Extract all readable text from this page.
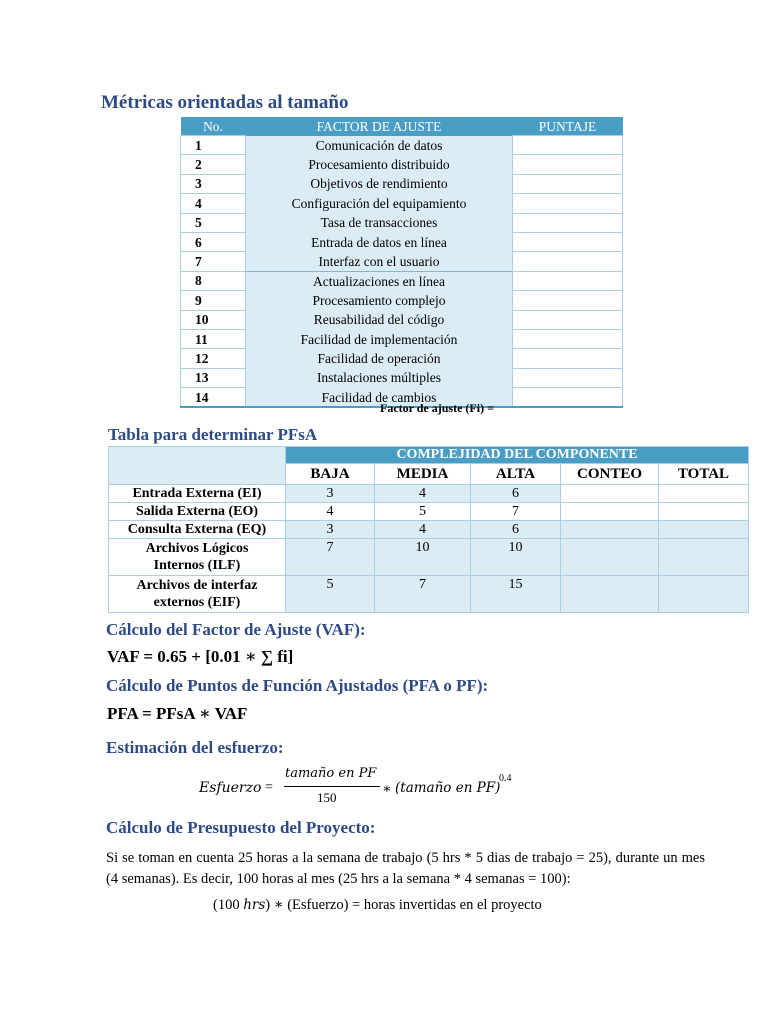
Métricas orientadas al tamaño
No.	FACTOR DE AJUSTE	PUNTAJE
1	Comunicación de datos	
2	Procesamiento distribuido	
3	Objetivos de rendimiento	
4	Configuración del equipamiento	
5	Tasa de transacciones	
6	Entrada de datos en línea	
7	Interfaz con el usuario	
8	Actualizaciones en línea	
9	Procesamiento complejo	
10	Reusabilidad del código	
11	Facilidad de implementación	
12	Facilidad de operación	
13	Instalaciones múltiples	
14	Facilidad de cambios	
Factor de ajuste (Fi) =
Tabla para determinar PFsA
	COMPLEJIDAD DEL COMPONENTE				
	BAJA	MEDIA	ALTA	CONTEO	TOTAL
Entrada Externa (EI)	3	4	6		
Salida Externa (EO)	4	5	7		
Consulta Externa (EQ)	3	4	6		

Archivos Lógicos
Internos (ILF)	7	10	10		

Archivos de interfaz
externos (EIF)	5	7	15		
Cálculo del Factor de Ajuste (VAF):
VAF = 0.65 + [0.01 ∗ ∑ fi]
Cálculo de Puntos de Función Ajustados (PFA o PF):
PFA = PFsA ∗ VAF
Estimación del esfuerzo:
Esfuerzo =
tamaño en PF
150
∗ (tamaño en PF)
0.4
Cálculo de Presupuesto del Proyecto:
Si se toman en cuenta 25 horas a la semana de trabajo (5 hrs * 5 dias de trabajo = 25), durante un mes (4 semanas). Es decir, 100 horas al mes (25 hrs a la semana * 4 semanas = 100):
(100 hrs) ∗ (Esfuerzo) = horas invertidas en el proyecto
